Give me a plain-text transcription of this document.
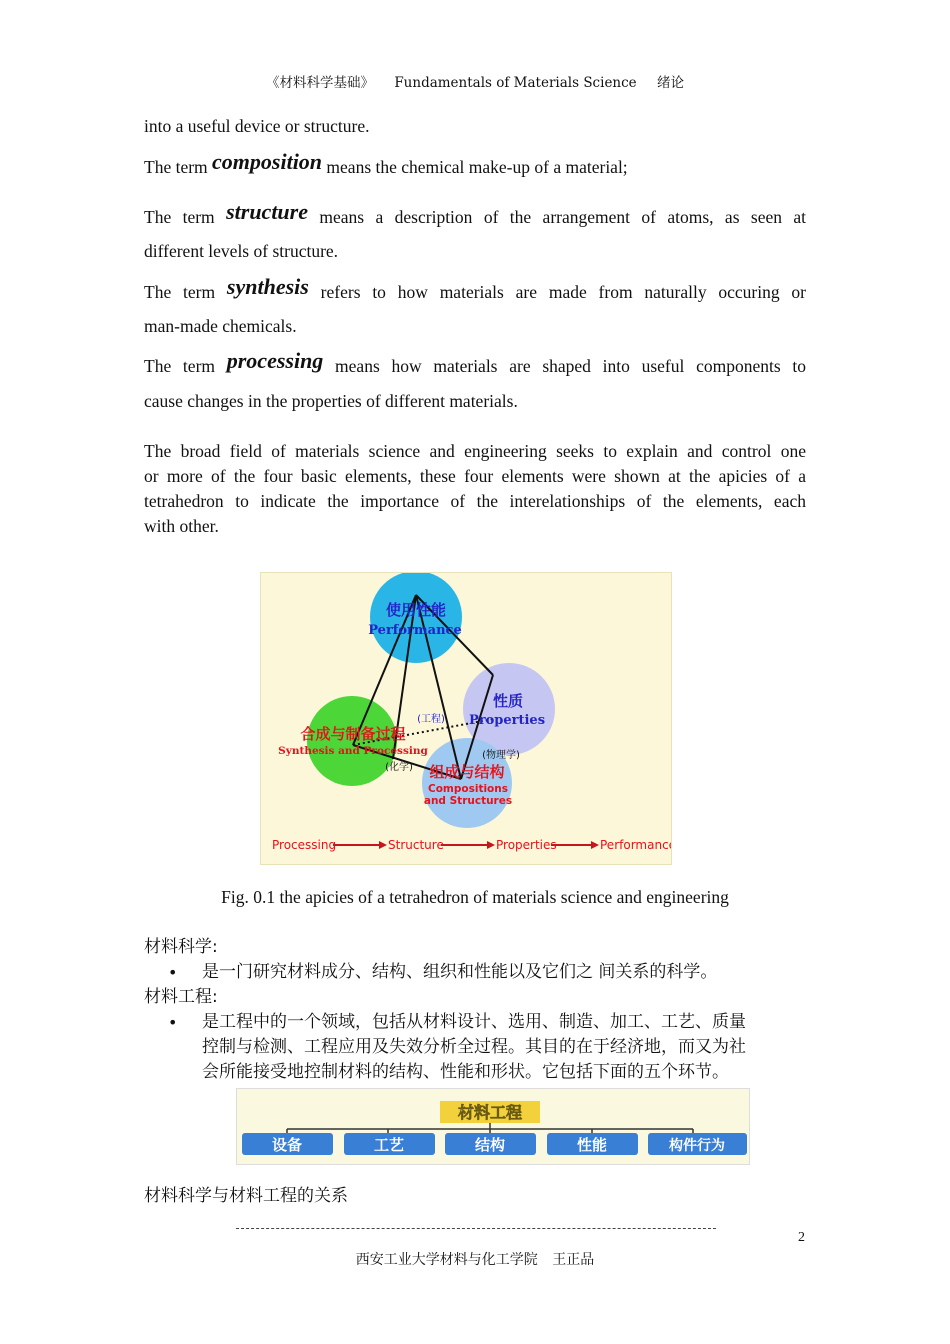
《材料科学基础》 Fundamentals of Materials Science 绪论
into a useful device or structure.
The term composition means the chemical make-up of a material;
The term structure means a description of the arrangement of atoms, as seen at
different levels of structure.
The term synthesis refers to how materials are made from naturally occuring or
man-made chemicals.
The term processing means how materials are shaped into useful components to
cause changes in the properties of different materials.
The broad field of materials science and engineering seeks to explain and control one
or more of the four basic elements, these four elements were shown at the apicies of a
tetrahedron to indicate the importance of the interelationships of the elements, each
with other.
使用性能
Performance
性质
Properties
合成与制备过程
Synthesis and Processing
组成与结构
Compositions
and Structures
(工程)
(物理学)
(化学)
Processing	Structure	Properties	Performance
Fig. 0.1 the apicies of a tetrahedron of materials science and engineering
材料科学:
• 是一门研究材料成分、结构、组织和性能以及它们之 间关系的科学。
材料工程:
• 是工程中的一个领域，包括从材料设计、选用、制造、加工、工艺、质量
控制与检测、工程应用及失效分析全过程。其目的在于经济地，而又为社
会所能接受地控制材料的结构、性能和形状。它包括下面的五个环节。
材料工程
设备	工艺	结构	性能	构件行为
材料科学与材料工程的关系
2
西安工业大学材料与化工学院 王正品
